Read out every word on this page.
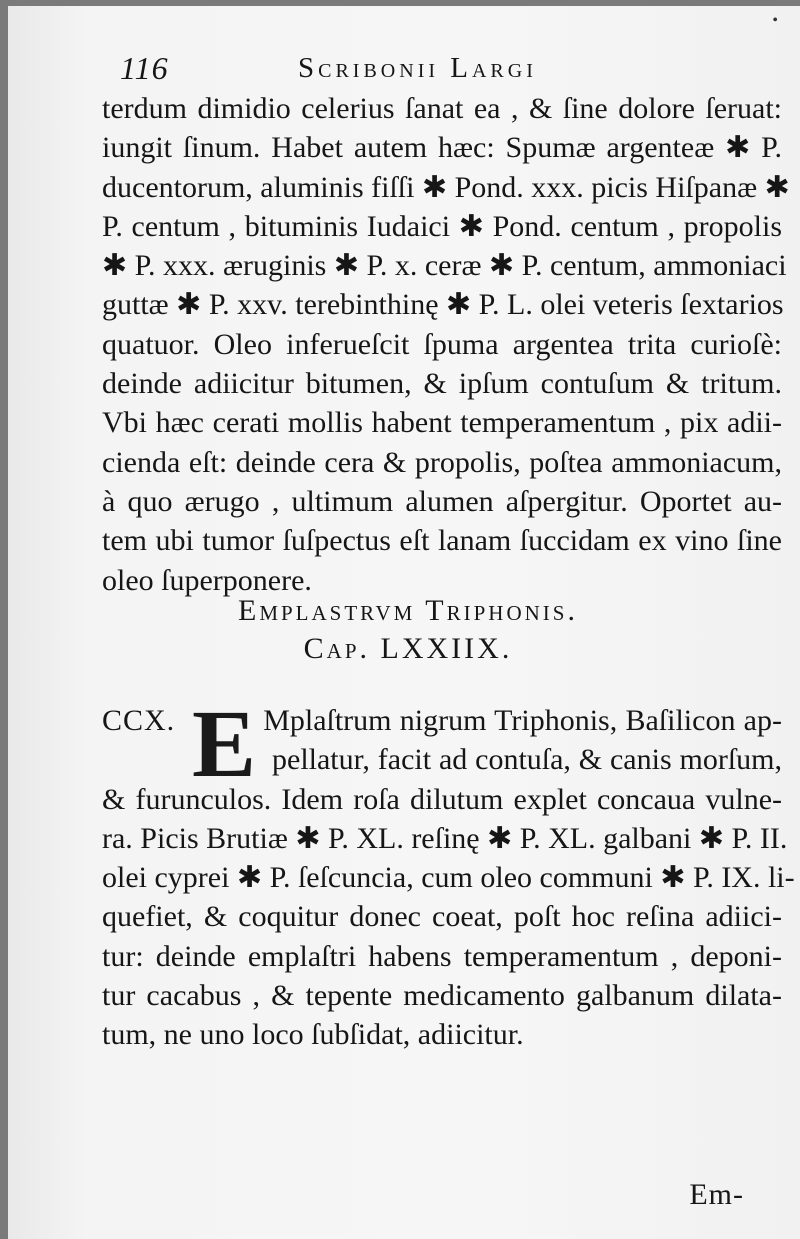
•
116	Scribonii Largi
terdum dimidio celerius ſanat ea , & ſine dolore ſeruat:
iungit ſinum. Habet autem hæc: Spumæ argenteæ ✱ P.
ducentorum, aluminis fiſſi ✱ Pond. xxx. picis Hiſpanæ ✱
P. centum , bituminis Iudaici ✱ Pond. centum , propolis
✱ P. xxx. æruginis ✱ P. x. ceræ ✱ P. centum, ammoniaci
guttæ ✱ P. xxv. terebinthinę ✱ P. L. olei veteris ſextarios
quatuor. Oleo inferueſcit ſpuma argentea trita curioſè:
deinde adiicitur bitumen, & ipſum contuſum & tritum.
Vbi hæc cerati mollis habent temperamentum , pix adii-
cienda eſt: deinde cera & propolis, poſtea ammoniacum,
à quo ærugo , ultimum alumen aſpergitur. Oportet au-
tem ubi tumor ſuſpectus eſt lanam ſuccidam ex vino ſine
oleo ſuperponere.
Emplastrvm Triphonis.
Cap. LXXIIX.
E
CCX.	Mplaſtrum nigrum Triphonis, Baſilicon ap-
pellatur, facit ad contuſa, & canis morſum,
& furunculos. Idem roſa dilutum explet concaua vulne-
ra. Picis Brutiæ ✱ P. XL. reſinę ✱ P. XL. galbani ✱ P. II.
olei cyprei ✱ P. ſeſcuncia, cum oleo communi ✱ P. IX. li-
quefiet, & coquitur donec coeat, poſt hoc reſina adiici-
tur: deinde emplaſtri habens temperamentum , deponi-
tur cacabus , & tepente medicamento galbanum dilata-
tum, ne uno loco ſubſidat, adiicitur.
Em-
